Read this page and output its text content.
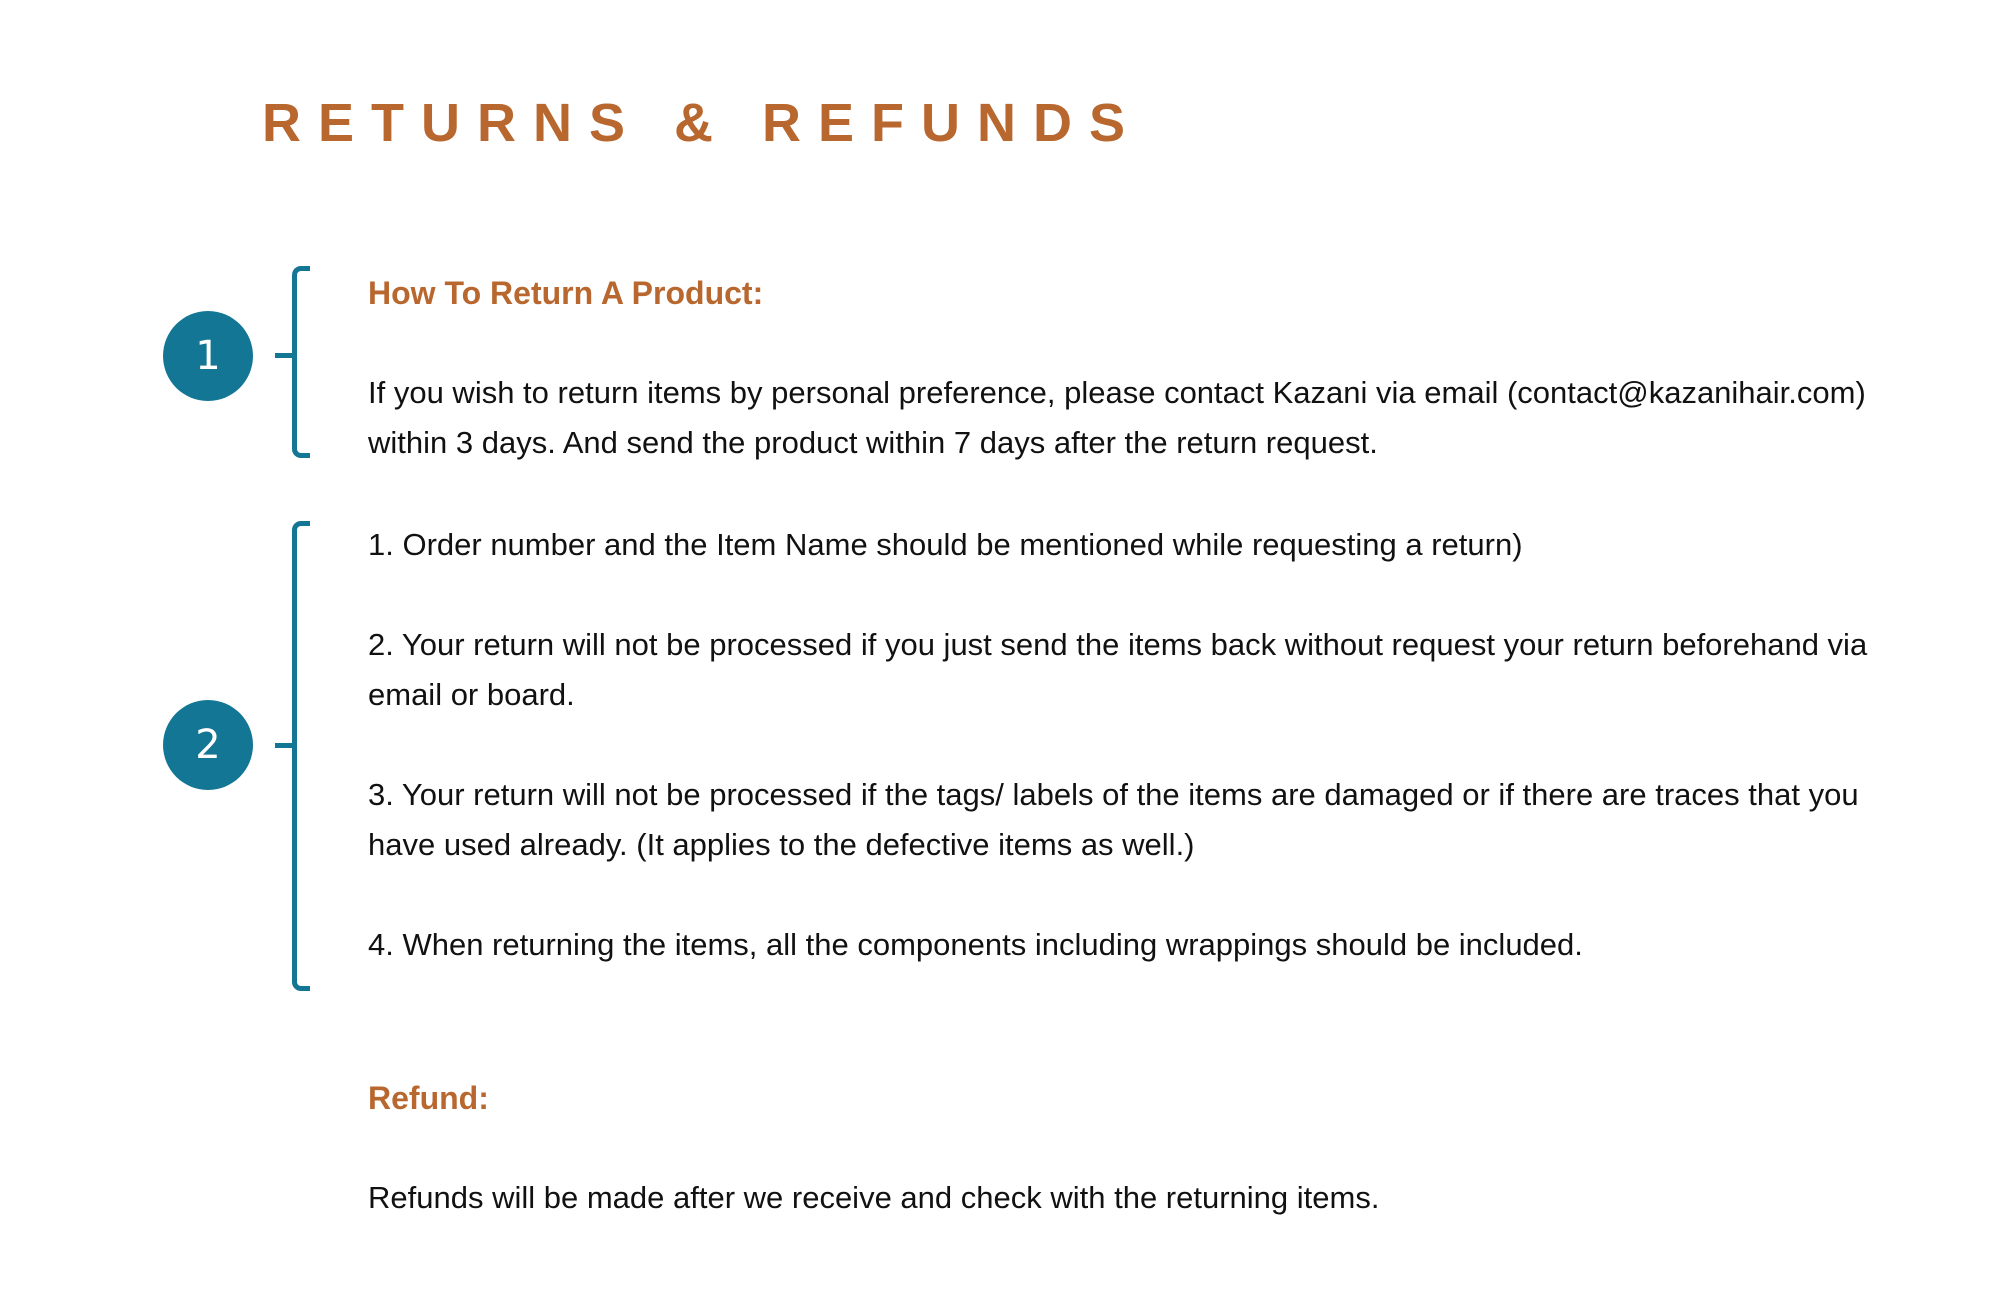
RETURNS & REFUNDS
1
How To Return A Product:

If you wish to return items by personal preference, please contact Kazani via email (contact@kazanihair.com) within 3 days. And send the product within 7 days after the return request.

2

1. Order number and the Item Name should be mentioned while requesting a return)

2. Your return will not be processed if you just send the items back without request your return beforehand via email or board.

3. Your return will not be processed if the tags/ labels of the items are damaged or if there are traces that you have used already. (It applies to the defective items as well.)

4. When returning the items, all the components including wrappings should be included.

Refund:
Refunds will be made after we receive and check with the returning items.
